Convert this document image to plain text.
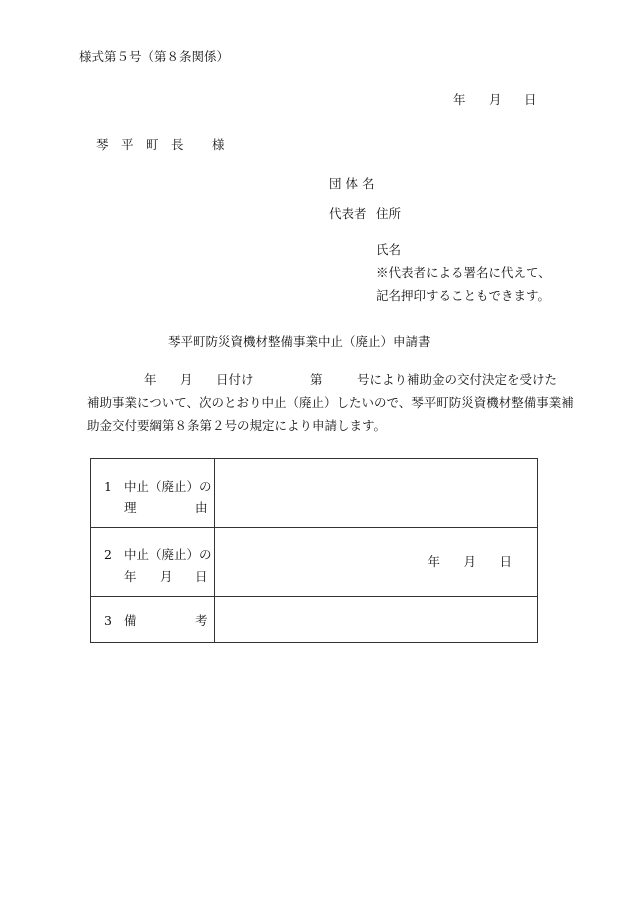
様式第５号（第８条関係）
年 月 日
琴　平　町　長 様
団 体 名
代表者 住所
氏名
※代表者による署名に代えて、
記名押印することもできます。
琴平町防災資機材整備事業中止（廃止）申請書
年 月 日付け	第	号により補助金の交付決定を受けた
補助事業について、次のとおり中止（廃止）したいので、琴平町防災資機材整備事業補
助金交付要綱第８条第２号の規定により申請します。
1 中止（廃止）の
理 由	

2 中止（廃止）の
年 月 日	年 月 日

3 備 考	
